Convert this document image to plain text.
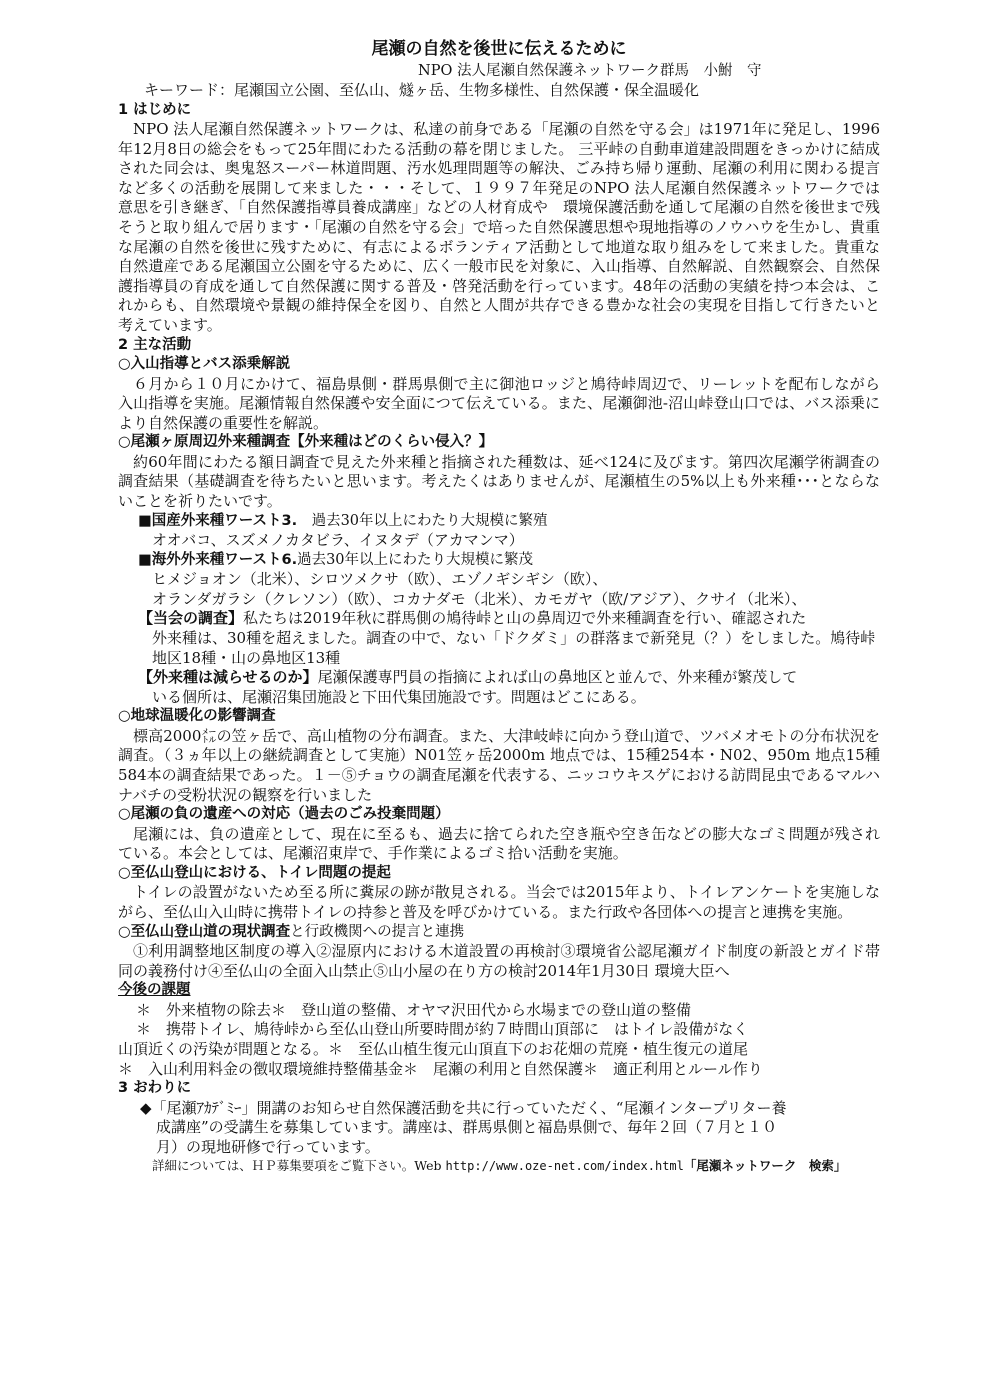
尾瀬の自然を後世に伝えるために
NPO 法人尾瀬自然保護ネットワーク群馬　小鮒　守
キーワード：尾瀬国立公園、至仏山、燧ヶ岳、生物多様性、自然保護・保全温暖化
1 はじめに

NPO 法人尾瀬自然保護ネットワークは、私達の前身である「尾瀬の自然を守る会」は1971年に発足し、1996年12月8日の総会をもって25年間にわたる活動の幕を閉じました。 三平峠の自動車道建設問題をきっかけに結成された同会は、奥鬼怒スーパー林道問題、汚水処理問題等の解決、ごみ持ち帰り運動、尾瀬の利用に関わる提言など多くの活動を展開して来ました・・・そして、１９９７年発足のNPO 法人尾瀬自然保護ネットワークでは　意思を引き継ぎ、「自然保護指導員養成講座」などの人材育成や　環境保護活動を通して尾瀬の自然を後世まで残そうと取り組んで居ります・「尾瀬の自然を守る会」で培った自然保護思想や現地指導のノウハウを生かし、貴重な尾瀬の自然を後世に残すために、有志によるボランティア活動として地道な取り組みをして来ました。貴重な自然遺産である尾瀬国立公園を守るために、広く一般市民を対象に、入山指導、自然解説、自然観察会、自然保護指導員の育成を通して自然保護に関する普及・啓発活動を行っています。48年の活動の実績を持つ本会は、これからも、自然環境や景観の維持保全を図り、自然と人間が共存できる豊かな社会の実現を目指して行きたいと考えています。

2 主な活動
○入山指導とバス添乗解説

６月から１０月にかけて、福島県側・群馬県側で主に御池ロッジと鳩待峠周辺で、リーレットを配布しながら入山指導を実施。尾瀬情報自然保護や安全面につて伝えている。また、尾瀬御池-沼山峠登山口では、バス添乗により自然保護の重要性を解説。

○尾瀬ヶ原周辺外来種調査【外来種はどのくらい侵入？】

約60年間にわたる額日調査で見えた外来種と指摘された種数は、延べ124に及びます。第四次尾瀬学術調査の調査結果（基礎調査を待ちたいと思います。考えたくはありませんが、尾瀬植生の5%以上も外来種･･･とならないことを祈りたいです。

■国産外来種ワースト3.　過去30年以上にわたり大規模に繁殖
オオバコ、スズメノカタビラ、イヌタデ（アカマンマ）
■海外外来種ワースト6.過去30年以上にわたり大規模に繁茂
ヒメジョオン（北米）、シロツメクサ（欧）、エゾノギシギシ（欧）、
オランダガラシ（クレソン）（欧）、コカナダモ（北米）、カモガヤ（欧/アジア）、クサイ（北米）、
【当会の調査】私たちは2019年秋に群馬側の鳩待峠と山の鼻周辺で外来種調査を行い、確認された
外来種は、30種を超えました。調査の中で、ない「ドクダミ」の群落まで新発見（？）をしました。鳩待峠地区18種・山の鼻地区13種
【外来種は減らせるのか】尾瀬保護専門員の指摘によれば山の鼻地区と並んで、外来種が繁茂して
いる個所は、尾瀬沼集団施設と下田代集団施設です。問題はどこにある。
○地球温暖化の影響調査

標高2000㍍の笠ヶ岳で、高山植物の分布調査。また、大津岐峠に向かう登山道で、ツバメオモトの分布状況を調査。（３ヵ年以上の継続調査として実施）N01笠ヶ岳2000m 地点では、15種254本・N02、950m 地点15種584本の調査結果であった。１－⑤チョウの調査尾瀬を代表する、ニッコウキスゲにおける訪問昆虫であるマルハナバチの受粉状況の観察を行いました

○尾瀬の負の遺産への対応（過去のごみ投棄問題）

尾瀬には、負の遺産として、現在に至るも、過去に捨てられた空き瓶や空き缶などの膨大なゴミ問題が残されている。本会としては、尾瀬沼東岸で、手作業によるゴミ拾い活動を実施。

○至仏山登山における、トイレ問題の提起

トイレの設置がないため至る所に糞尿の跡が散見される。当会では2015年より、トイレアンケートを実施しながら、至仏山入山時に携帯トイレの持参と普及を呼びかけている。また行政や各団体への提言と連携を実施。

○至仏山登山道の現状調査と行政機関への提言と連携

①利用調整地区制度の導入②湿原内における木道設置の再検討③環境省公認尾瀬ガイド制度の新設とガイド帯同の義務付け④至仏山の全面入山禁止⑤山小屋の在り方の検討2014年1月30日 環境大臣へ

今後の課題
＊　外来植物の除去＊　登山道の整備、オヤマ沢田代から水場までの登山道の整備
＊　携帯トイレ、鳩待峠から至仏山登山所要時間が約７時間山頂部に　はトイレ設備がなく
山頂近くの汚染が問題となる。＊　至仏山植生復元山頂直下のお花畑の荒廃・植生復元の道尾
＊　入山利用料金の徴収環境維持整備基金＊　尾瀬の利用と自然保護＊　適正利用とルール作り
3 おわりに
◆「尾瀬ｱｶﾃﾞﾐｰ」開講のお知らせ自然保護活動を共に行っていただく、“尾瀬インタープリター養
成講座”の受講生を募集しています。講座は、群馬県側と福島県側で、毎年２回（７月と１０
月）の現地研修で行っています。
詳細については、ＨＰ募集要項をご覧下さい。Web http://www.oze-net.com/index.html「尾瀬ネットワーク　検索」
